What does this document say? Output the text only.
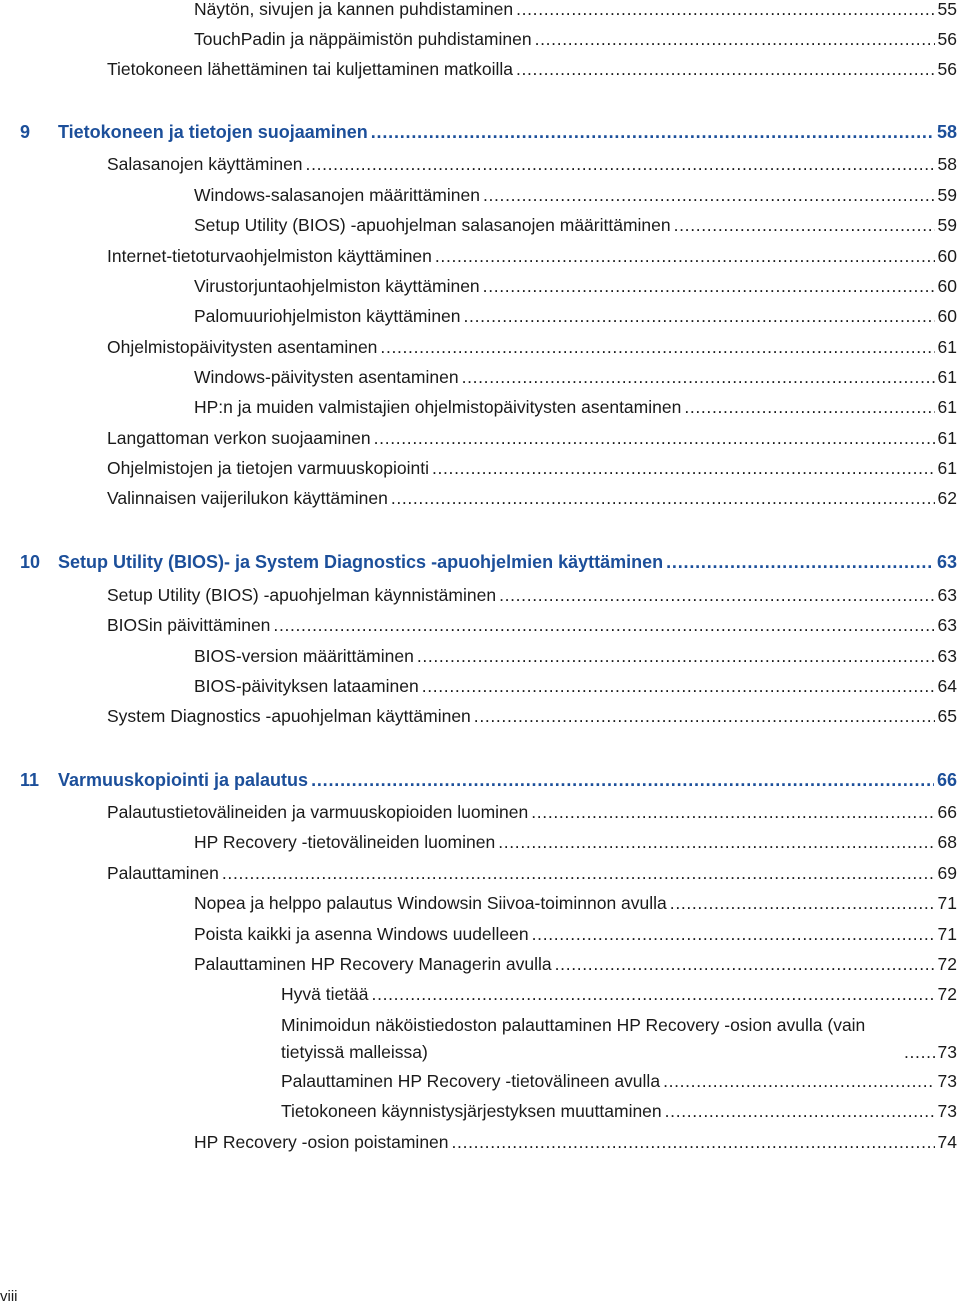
Näytön, sivujen ja kannen puhdistaminen . . .	55
TouchPadin ja näppäimistön puhdistaminen . . .	56
Tietokoneen lähettäminen tai kuljettaminen matkoilla . . .	56
9 Tietokoneen ja tietojen suojaaminen . . .	58
Salasanojen käyttäminen . . .	58
Windows-salasanojen määrittäminen . . .	59
Setup Utility (BIOS) -apuohjelman salasanojen määrittäminen . . .	59
Internet-tietoturvaohjelmiston käyttäminen . . .	60
Virustorjuntaohjelmiston käyttäminen . . .	60
Palomuuriohjelmiston käyttäminen . . .	60
Ohjelmistopäivitysten asentaminen . . .	61
Windows-päivitysten asentaminen . . .	61
HP:n ja muiden valmistajien ohjelmistopäivitysten asentaminen . . .	61
Langattoman verkon suojaaminen . . .	61
Ohjelmistojen ja tietojen varmuuskopiointi . . .	61
Valinnaisen vaijerilukon käyttäminen . . .	62
10 Setup Utility (BIOS)- ja System Diagnostics -apuohjelmien käyttäminen . . .	63
Setup Utility (BIOS) -apuohjelman käynnistäminen . . .	63
BIOSin päivittäminen . . .	63
BIOS-version määrittäminen . . .	63
BIOS-päivityksen lataaminen . . .	64
System Diagnostics -apuohjelman käyttäminen . . .	65
11 Varmuuskopiointi ja palautus . . .	66
Palautustietovälineiden ja varmuuskopioiden luominen . . .	66
HP Recovery -tietovälineiden luominen . . .	68
Palauttaminen . . .	69
Nopea ja helppo palautus Windowsin Siivoa-toiminnon avulla . . .	71
Poista kaikki ja asenna Windows uudelleen . . .	71
Palauttaminen HP Recovery Managerin avulla . . .	72
Hyvä tietää . . .	72
Minimoidun näköistiedoston palauttaminen HP Recovery -osion avulla (vain tietyissä malleissa) . . .	73
Palauttaminen HP Recovery -tietovälineen avulla . . .	73
Tietokoneen käynnistysjärjestyksen muuttaminen . . .	73
HP Recovery -osion poistaminen . . .	74
viii
